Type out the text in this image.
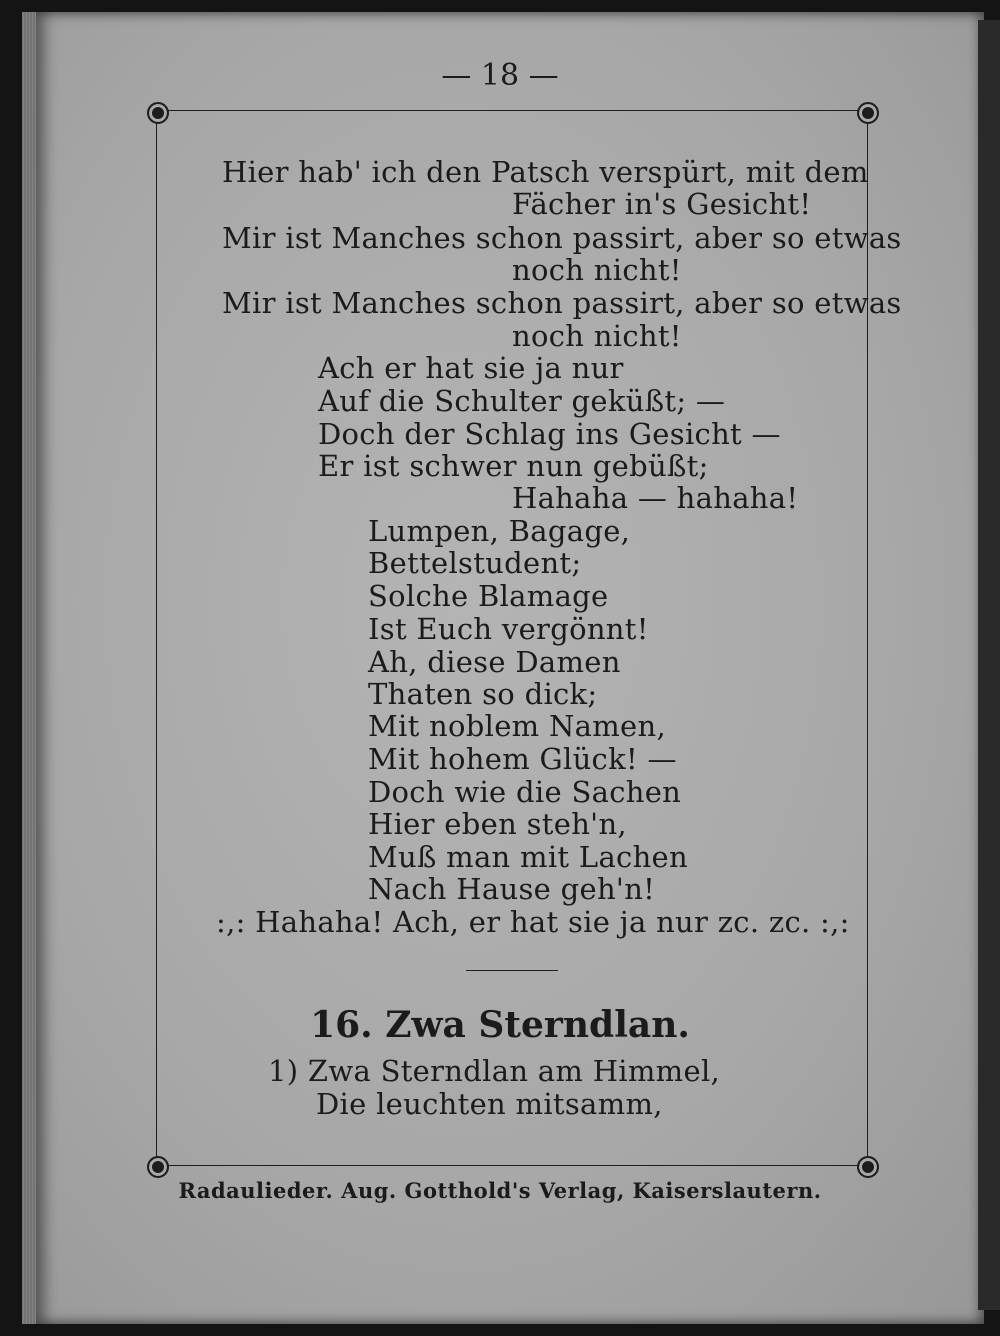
— 18 —
Hier hab' ich den Patsch verspürt, mit dem
Fächer in's Gesicht!
Mir ist Manches schon passirt, aber so etwas
noch nicht!
Mir ist Manches schon passirt, aber so etwas
noch nicht!
Ach er hat sie ja nur
Auf die Schulter geküßt; —
Doch der Schlag ins Gesicht —
Er ist schwer nun gebüßt;
Hahaha — hahaha!
Lumpen, Bagage,
Bettelstudent;
Solche Blamage
Ist Euch vergönnt!
Ah, diese Damen
Thaten so dick;
Mit noblem Namen,
Mit hohem Glück! —
Doch wie die Sachen
Hier eben steh'n,
Muß man mit Lachen
Nach Hause geh'n!
:,: Hahaha! Ach, er hat sie ja nur zc. zc. :,:
16. Zwa Sterndlan.
1) Zwa Sterndlan am Himmel,
Die leuchten mitsamm,
Radaulieder. Aug. Gotthold's Verlag, Kaiserslautern.
